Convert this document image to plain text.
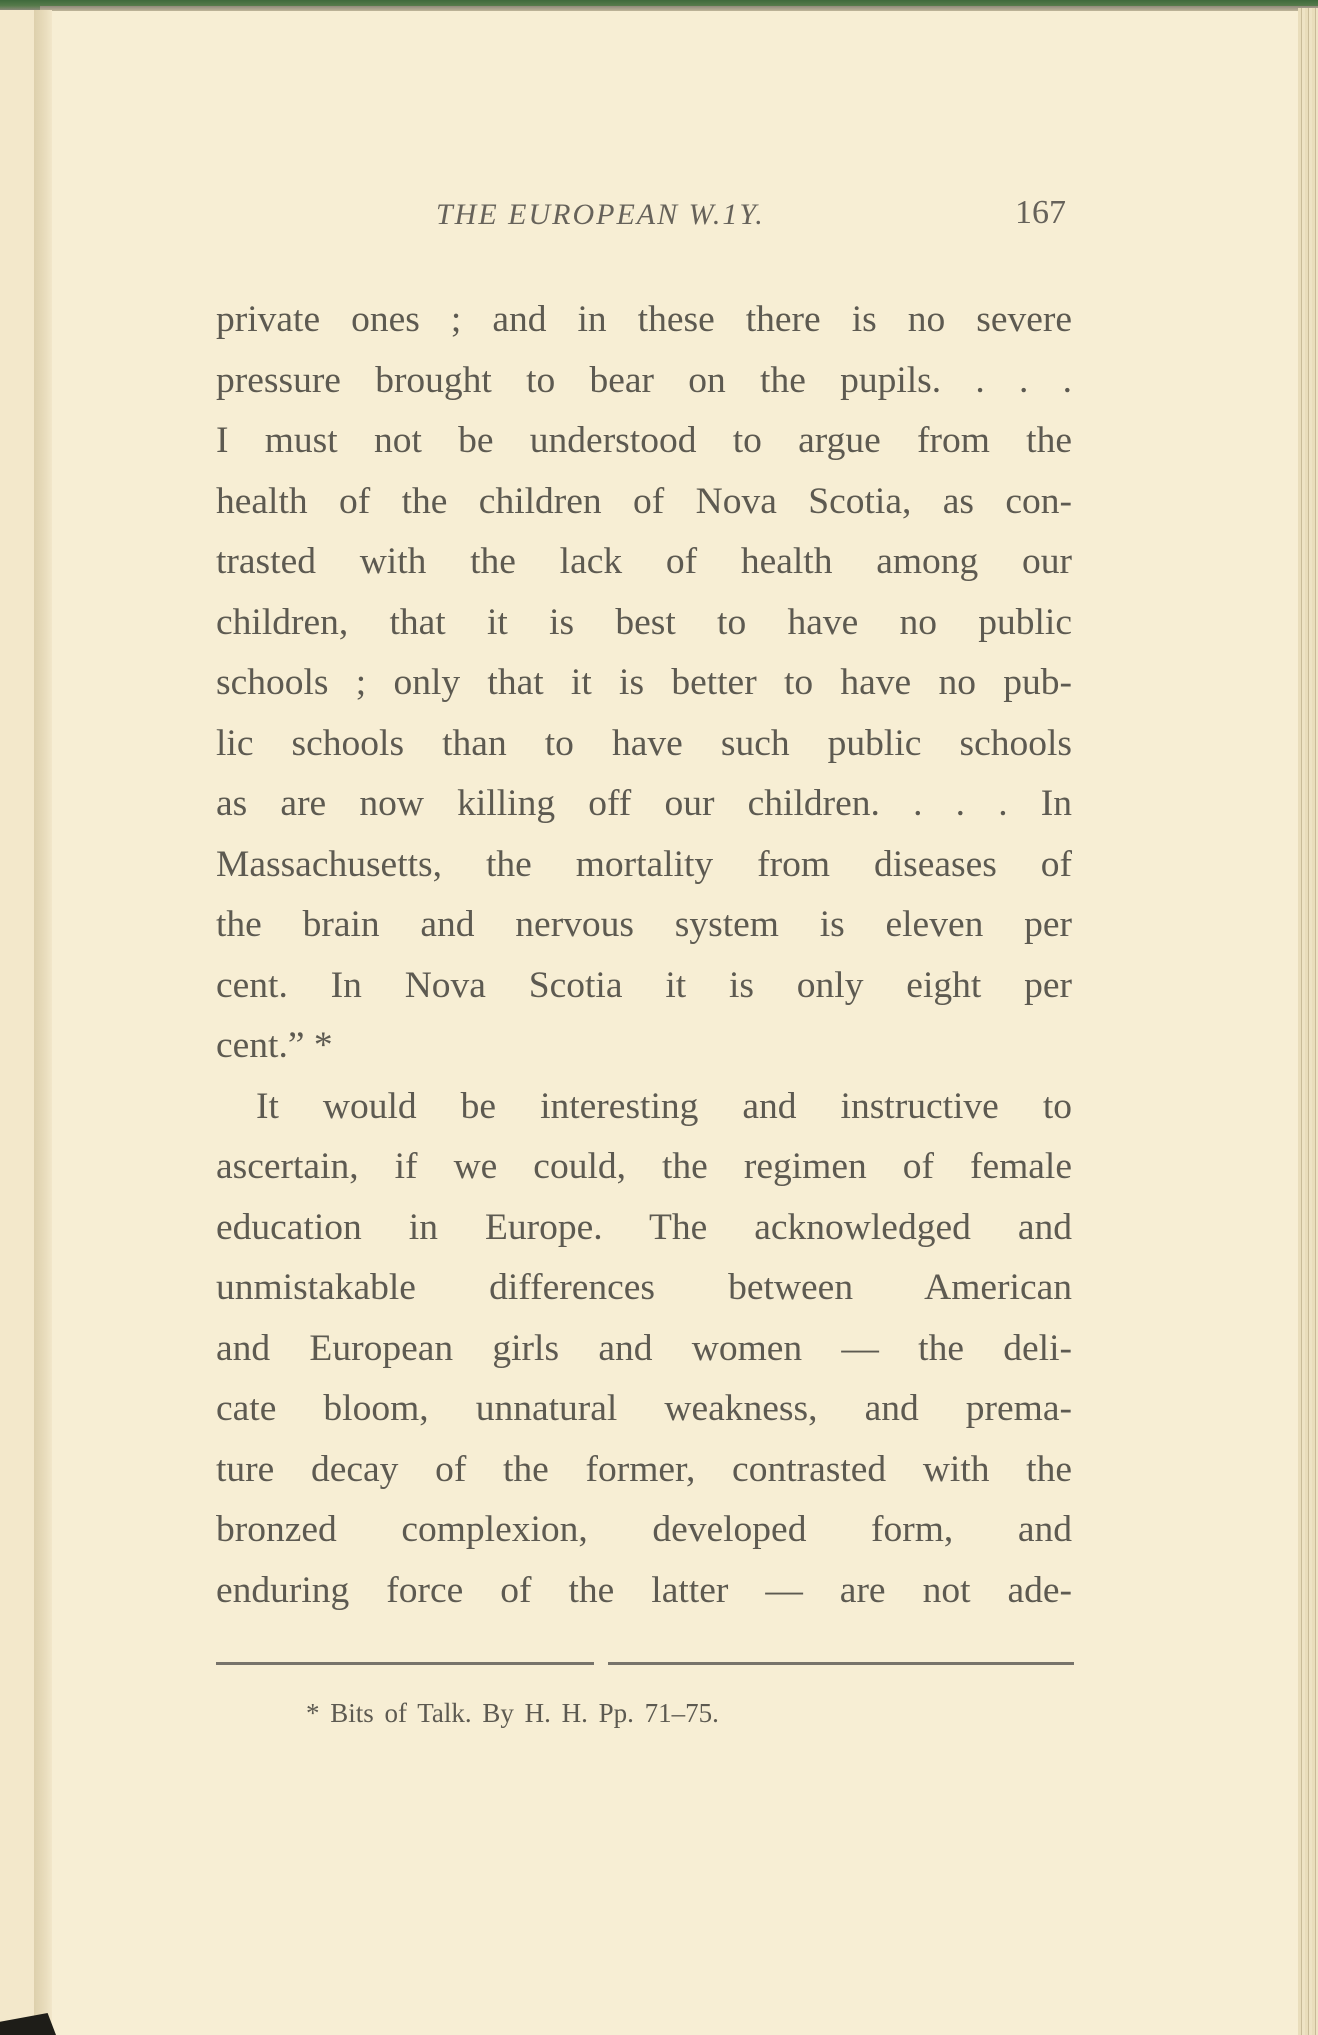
THE EUROPEAN W.1Y.	167
private ones ; and in these there is no severe
pressure brought to bear on the pupils. . . .
I must not be understood to argue from the
health of the children of Nova Scotia, as con-
trasted with the lack of health among our
children, that it is best to have no public
schools ; only that it is better to have no pub-
lic schools than to have such public schools
as are now killing off our children. . . . In
Massachusetts, the mortality from diseases of
the brain and nervous system is eleven per
cent. In Nova Scotia it is only eight per
cent.” *
It would be interesting and instructive to
ascertain, if we could, the regimen of female
education in Europe. The acknowledged and
unmistakable differences between American
and European girls and women — the deli-
cate bloom, unnatural weakness, and prema-
ture decay of the former, contrasted with the
bronzed complexion, developed form, and
enduring force of the latter — are not ade-
* Bits of Talk. By H. H. Pp. 71–75.
